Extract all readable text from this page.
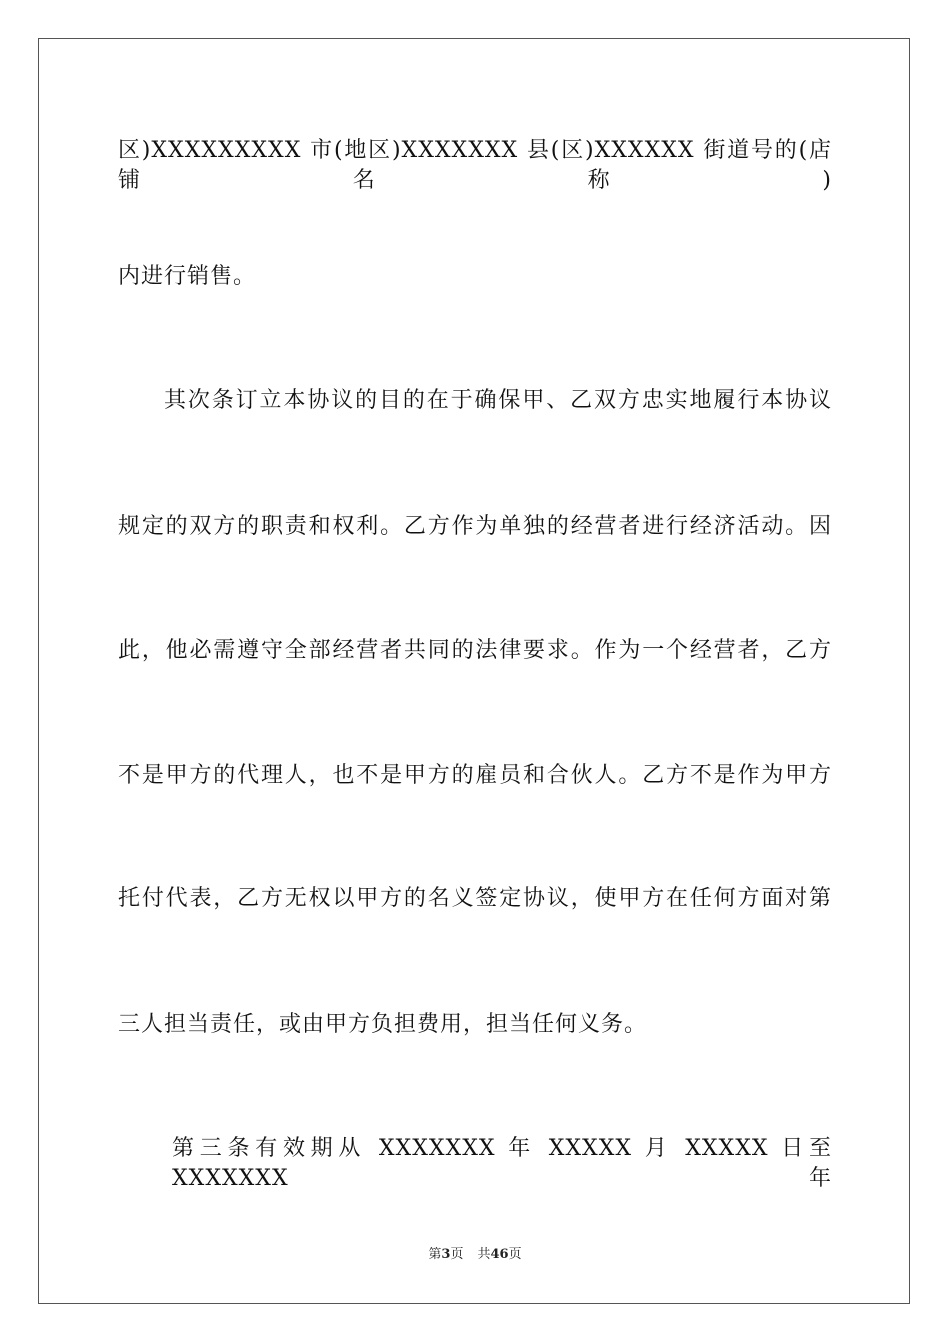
区)XXXXXXXXX 市(地区)XXXXXXX 县(区)XXXXXX 街道号的(店铺名称)
内进行销售。
其次条订立本协议的目的在于确保甲、乙双方忠实地履行本协议
规定的双方的职责和权利。乙方作为单独的经营者进行经济活动。因
此，他必需遵守全部经营者共同的法律要求。作为一个经营者，乙方
不是甲方的代理人，也不是甲方的雇员和合伙人。乙方不是作为甲方
托付代表，乙方无权以甲方的名义签定协议，使甲方在任何方面对第
三人担当责任，或由甲方负担费用，担当任何义务。
第三条有效期从 XXXXXXX 年 XXXXX 月 XXXXX 日至 XXXXXXX 年
第3页 共46页
